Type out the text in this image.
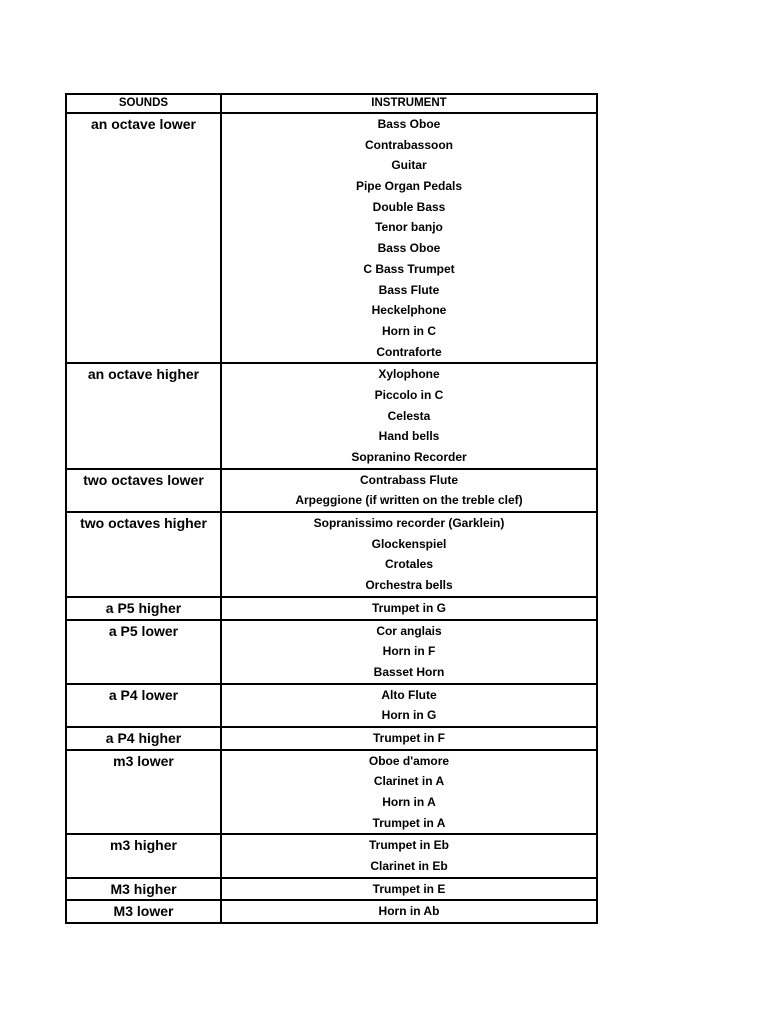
SOUNDS	INSTRUMENT
an octave lower	Bass Oboe
Contrabassoon
Guitar
Pipe Organ Pedals
Double Bass
Tenor banjo
Bass Oboe
C Bass Trumpet
Bass Flute
Heckelphone
Horn in C
Contraforte
an octave higher	Xylophone
Piccolo in C
Celesta
Hand bells
Sopranino Recorder
two octaves lower	Contrabass Flute
Arpeggione (if written on the treble clef)
two octaves higher	Sopranissimo recorder (Garklein)
Glockenspiel
Crotales
Orchestra bells
a P5 higher	Trumpet in G
a P5 lower	Cor anglais
Horn in F
Basset Horn
a P4 lower	Alto Flute
Horn in G
a P4 higher	Trumpet in F
m3 lower	Oboe d'amore
Clarinet in A
Horn in A
Trumpet in A
m3 higher	Trumpet in Eb
Clarinet in Eb
M3 higher	Trumpet in E
M3 lower	Horn in Ab
